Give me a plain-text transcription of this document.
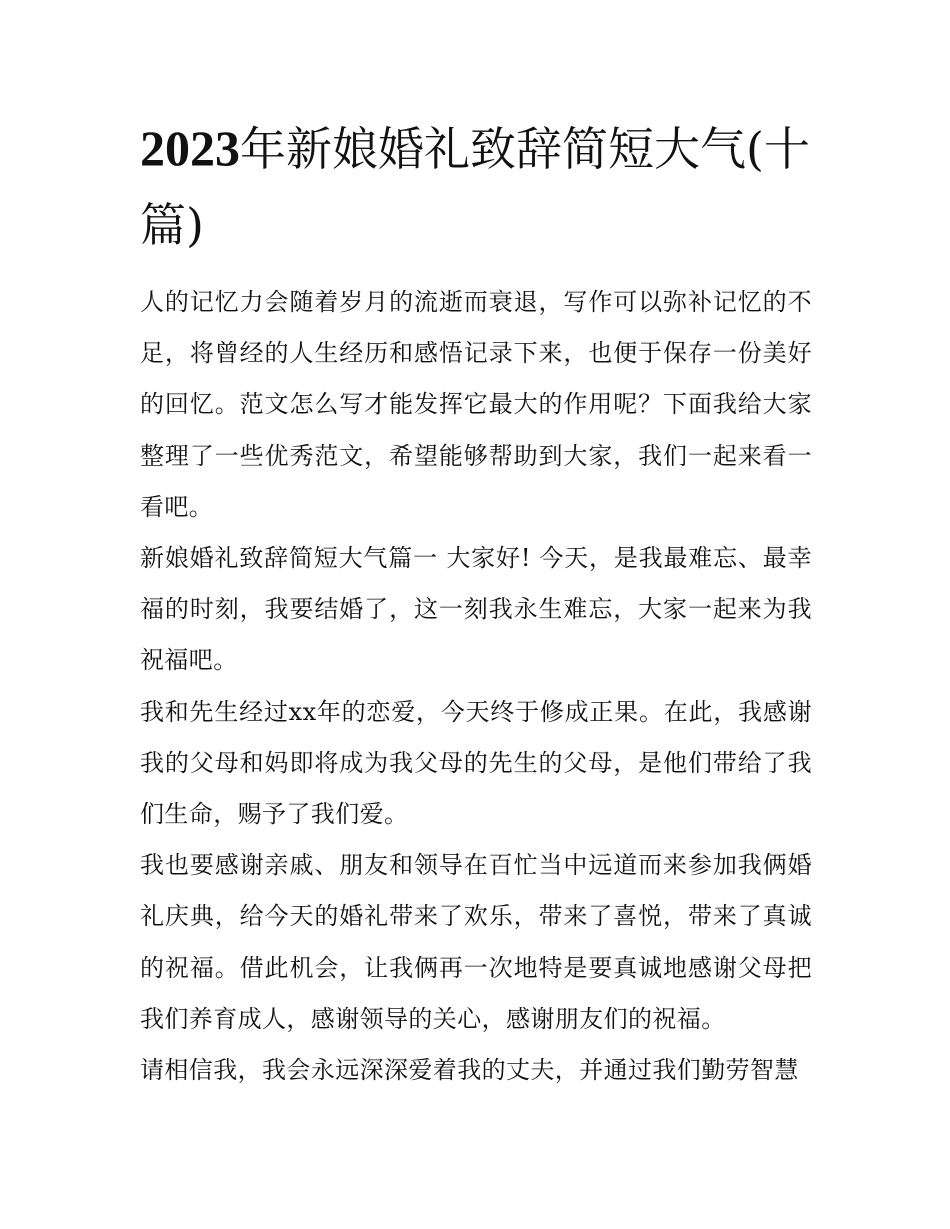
2023年新娘婚礼致辞简短大气(十篇)

人的记忆力会随着岁月的流逝而衰退，写作可以弥补记忆的不足，将曾经的人生经历和感悟记录下来，也便于保存一份美好的回忆。范文怎么写才能发挥它最大的作用呢？下面我给大家整理了一些优秀范文，希望能够帮助到大家，我们一起来看一看吧。

新娘婚礼致辞简短大气篇一 大家好! 今天，是我最难忘、最幸福的时刻，我要结婚了，这一刻我永生难忘，大家一起来为我祝福吧。

我和先生经过xx年的恋爱，今天终于修成正果。在此，我感谢我的父母和妈即将成为我父母的先生的父母，是他们带给了我们生命，赐予了我们爱。

我也要感谢亲戚、朋友和领导在百忙当中远道而来参加我俩婚礼庆典，给今天的婚礼带来了欢乐，带来了喜悦，带来了真诚的祝福。借此机会，让我俩再一次地特是要真诚地感谢父母把我们养育成人，感谢领导的关心，感谢朋友们的祝福。

请相信我，我会永远深深爱着我的丈夫，并通过我们勤劳智慧
